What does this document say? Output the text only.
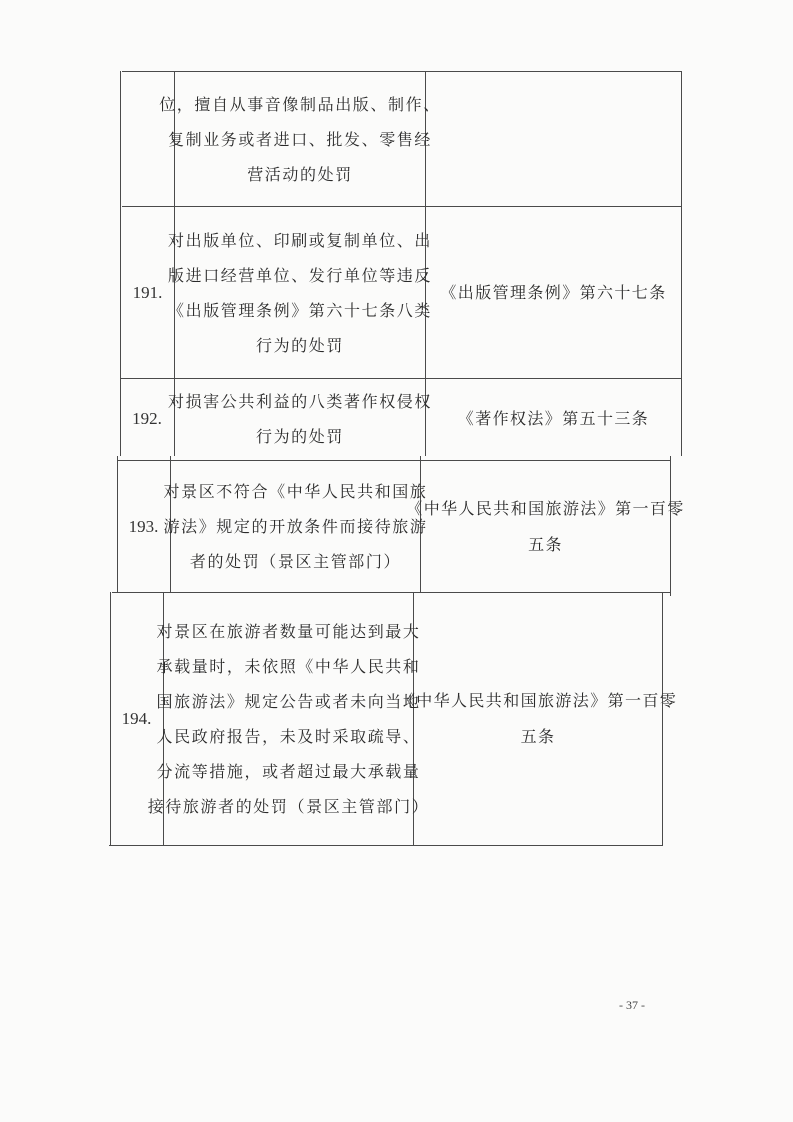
位，擅自从事音像制品出版、制作、
复制业务或者进口、批发、零售经
营活动的处罚
191.
对出版单位、印刷或复制单位、出
版进口经营单位、发行单位等违反
《出版管理条例》第六十七条八类
行为的处罚
《出版管理条例》第六十七条
192.
对损害公共利益的八类著作权侵权
行为的处罚
《著作权法》第五十三条
193.
对景区不符合《中华人民共和国旅
游法》规定的开放条件而接待旅游
者的处罚（景区主管部门）
《中华人民共和国旅游法》第一百零
五条
194.
对景区在旅游者数量可能达到最大
承载量时，未依照《中华人民共和
国旅游法》规定公告或者未向当地
人民政府报告，未及时采取疏导、
分流等措施，或者超过最大承载量
接待旅游者的处罚（景区主管部门）
《中华人民共和国旅游法》第一百零
五条
- 37 -
